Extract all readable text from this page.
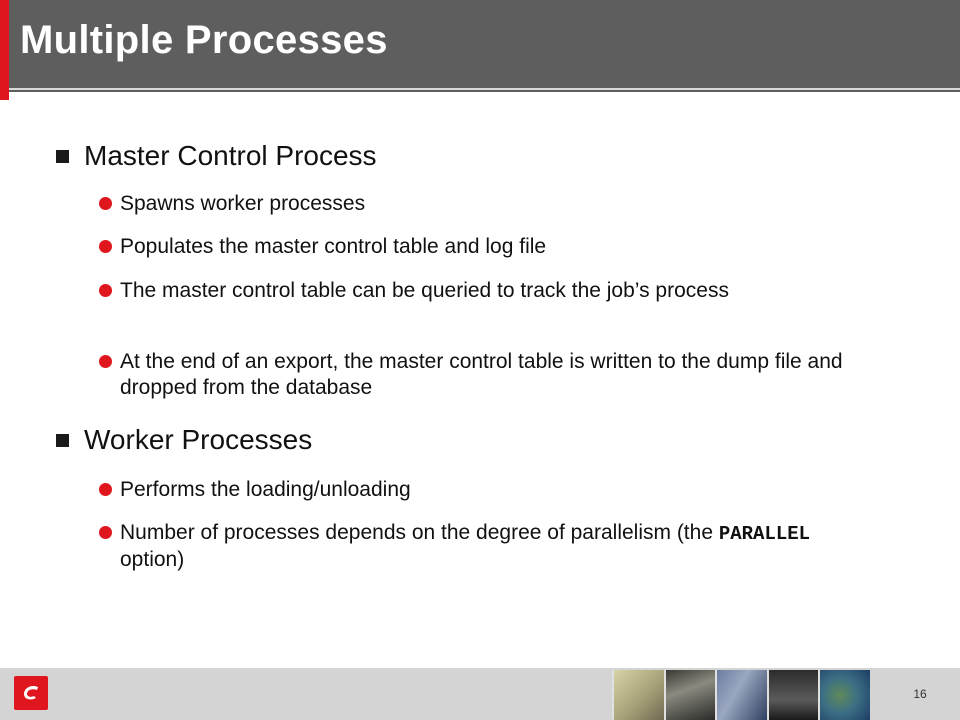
Multiple Processes
Master Control Process
Spawns worker processes
Populates the master control table and log file
The master control table can be queried to track the job’s process
At the end of an export, the master control table is written to the dump file and dropped from the database
Worker Processes
Performs the loading/unloading
Number of processes depends on the degree of parallelism (the PARALLEL option)
16
